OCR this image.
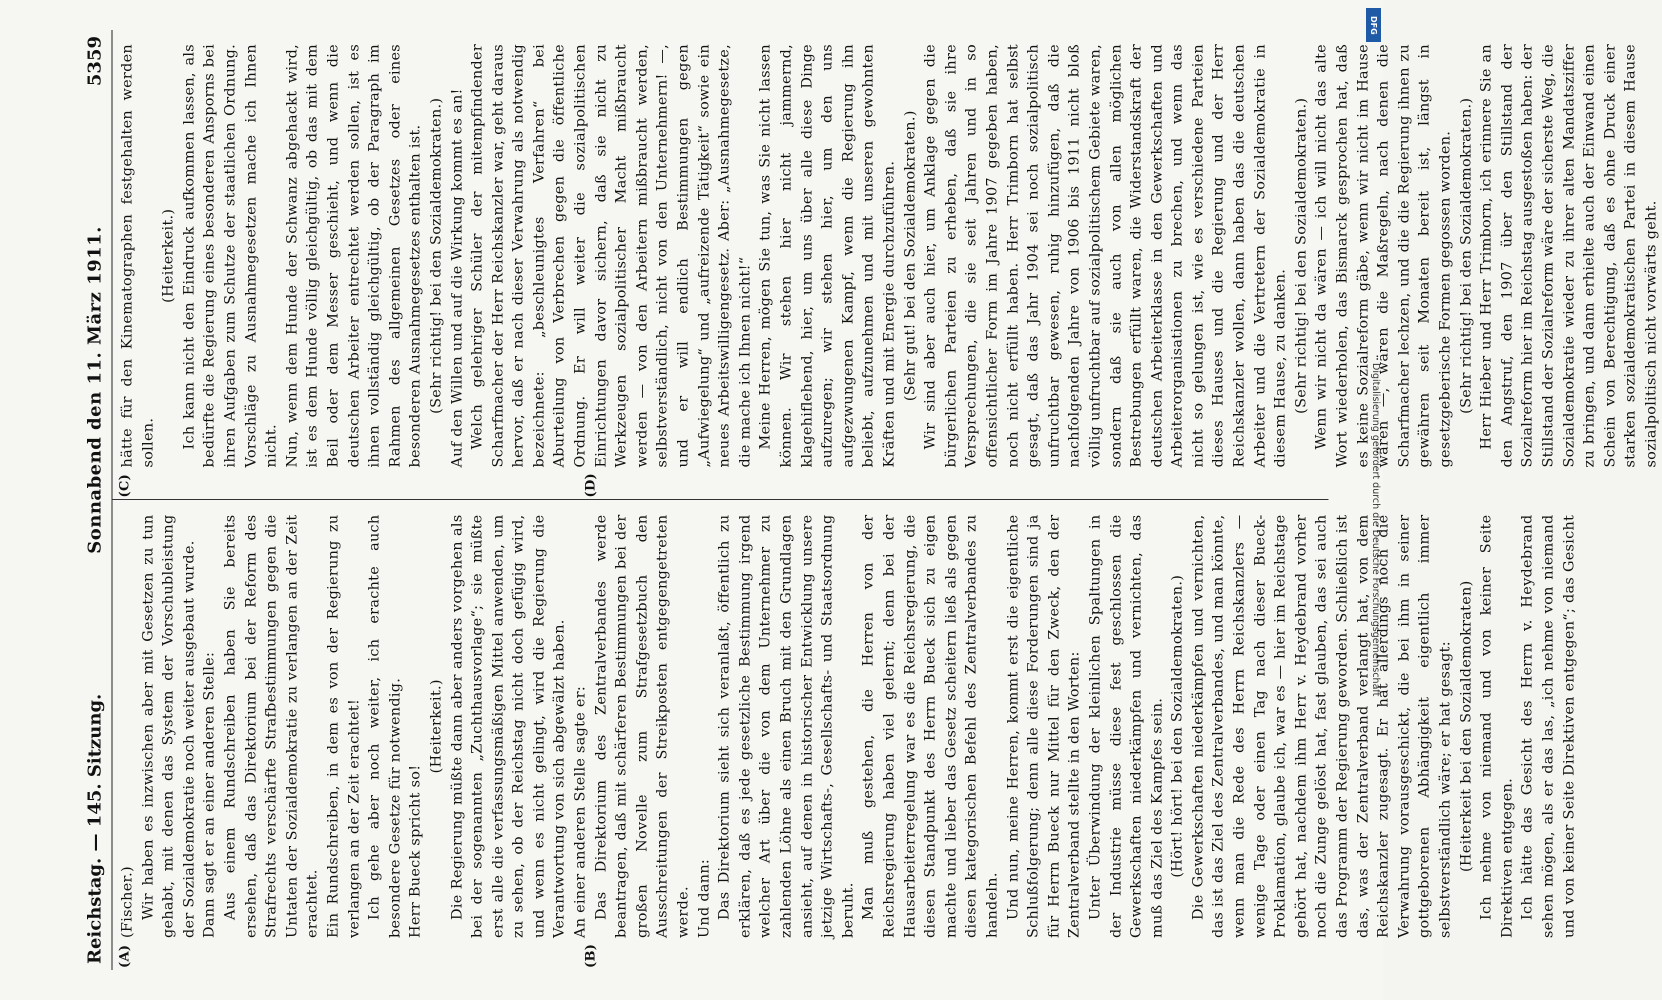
DFG
Digitalisierung gefördert durch die Deutsche Forschungsgemeinschaft
Reichstag. — 145. Sitzung.
Sonnabend den 11. März 1911.
5359
(A)	(B)

(Fischer.) Wir haben es inzwischen aber mit Gesetzen zu tun gehabt, mit denen das System der Vorschubleistung der Sozialdemokratie noch weiter ausgebaut wurde. Dann sagt er an einer anderen Stelle: Aus einem Rundschreiben haben Sie bereits ersehen, daß das Direktorium bei der Reform des Strafrechts verschärfte Strafbestimmungen gegen die Untaten der Sozialdemokratie zu verlangen an der Zeit erachtet. Ein Rundschreiben, in dem es von der Regierung zu verlangen an der Zeit erachtet! Ich gehe aber noch weiter, ich erachte auch besondere Gesetze für notwendig. Herr Bueck spricht so!

(Heiterkeit.) Die Regierung müßte dann aber anders vorgehen als bei der sogenannten „Zuchthausvorlage“; sie müßte erst alle die verfassungsmäßigen Mittel anwenden, um zu sehen, ob der Reichstag nicht doch gefügig wird, und wenn es nicht gelingt, wird die Regierung die Verantwortung von sich abgewälzt haben. An einer anderen Stelle sagte er: Das Direktorium des Zentralverbandes werde beantragen, daß mit schärferen Bestimmungen bei der großen Novelle zum Strafgesetzbuch den Ausschreitungen der Streikposten entgegengetreten werde. Und dann: Das Direktorium sieht sich veranlaßt, öffentlich zu erklären, daß es jede gesetzliche Bestimmung irgend welcher Art über die von dem Unternehmer zu zahlenden Löhne als einen Bruch mit den Grundlagen ansieht, auf denen in historischer Entwicklung unsere jetzige Wirtschafts-, Gesellschafts- und Staatsordnung beruht. Man muß gestehen, die Herren von der Reichsregierung haben viel gelernt; denn bei der Hausarbeiterregelung war es die Reichsregierung, die diesen Standpunkt des Herrn Bueck sich zu eigen machte und lieber das Gesetz scheitern ließ als gegen diesen kategorischen Befehl des Zentralverbandes zu handeln. Und nun, meine Herren, kommt erst die eigentliche Schlußfolgerung; denn alle diese Forderungen sind ja für Herrn Bueck nur Mittel für den Zweck, den der Zentralverband stellte in den Worten: Unter Überwindung der kleinlichen Spaltungen in der Industrie müsse diese fest geschlossen die Gewerkschaften niederkämpfen und vernichten, das muß das Ziel des Kampfes sein. (Hört! hört! bei den Sozialdemokraten.) Die Gewerkschaften niederkämpfen und vernichten, das ist das Ziel des Zentralverbandes, und man könnte, wenn man die Rede des Herrn Reichskanzlers — wenige Tage oder einen Tag nach dieser Bueck-Proklamation, glaube ich, war es — hier im Reichstage gehört hat, nachdem ihm Herr v. Heydebrand vorher noch die Zunge gelöst hat, fast glauben, das sei auch das Programm der Regierung geworden. Schließlich ist das, was der Zentralverband verlangt hat, von dem Reichskanzler zugesagt. Er hat allerdings noch die Verwahrung vorausgeschickt, die bei ihm in seiner gottgeborenen Abhängigkeit eigentlich immer selbstverständlich wäre; er hat gesagt: (Heiterkeit bei den Sozialdemokraten) Ich nehme von niemand und von keiner Seite Direktiven entgegen. Ich hätte das Gesicht des Herrn v. Heydebrand sehen mögen, als er das las, „ich nehme von niemand und von keiner Seite Direktiven entgegen“; das Gesicht

(C)	(D)

hätte für den Kinematographen festgehalten werden sollen.

(Heiterkeit.) Ich kann nicht den Eindruck aufkommen lassen, als bedürfte die Regierung eines besonderen Ansporns bei ihren Aufgaben zum Schutze der staatlichen Ordnung. Vorschläge zu Ausnahmegesetzen mache ich Ihnen nicht. Nun, wenn dem Hunde der Schwanz abgehackt wird, ist es dem Hunde völlig gleichgültig, ob das mit dem Beil oder dem Messer geschieht, und wenn die deutschen Arbeiter entrechtet werden sollen, ist es ihnen vollständig gleichgültig, ob der Paragraph im Rahmen des allgemeinen Gesetzes oder eines besonderen Ausnahmegesetzes enthalten ist. (Sehr richtig! bei den Sozialdemokraten.) Auf den Willen und auf die Wirkung kommt es an! Welch gelehriger Schüler der mitempfindender Scharfmacher der Herr Reichskanzler war, geht daraus hervor, daß er nach dieser Verwahrung als notwendig bezeichnete: „beschleunigtes Verfahren“ bei Aburteilung von Verbrechen gegen die öffentliche Ordnung. Er will weiter die sozialpolitischen Einrichtungen davor sichern, daß sie nicht zu Werkzeugen sozialpolitischer Macht mißbraucht werden — von den Arbeitern mißbraucht werden, selbstverständlich, nicht von den Unternehmern! —, und er will endlich Bestimmungen gegen „Aufwiegelung“ und „aufreizende Tätigkeit“ sowie ein neues Arbeitswilligengesetz. Aber: „Ausnahmegesetze, die mache ich Ihnen nicht!“ Meine Herren, mögen Sie tun, was Sie nicht lassen können. Wir stehen hier nicht jammernd, klagehiflehend, hier, um uns über alle diese Dinge aufzuregen; wir stehen hier, um den uns aufgezwungenen Kampf, wenn die Regierung ihn beliebt, aufzunehmen und mit unseren gewohnten Kräften und mit Energie durchzuführen. (Sehr gut! bei den Sozialdemokraten.) Wir sind aber auch hier, um Anklage gegen die bürgerlichen Parteien zu erheben, daß sie ihre Versprechungen, die sie seit Jahren und in so offensichtlicher Form im Jahre 1907 gegeben haben, noch nicht erfüllt haben. Herr Trimborn hat selbst gesagt, daß das Jahr 1904 sei noch sozialpolitisch unfruchtbar gewesen, ruhig hinzufügen, daß die nachfolgenden Jahre von 1906 bis 1911 nicht bloß völlig unfruchtbar auf sozialpolitischem Gebiete waren, sondern daß sie auch von allen möglichen Bestrebungen erfüllt waren, die Widerstandskraft der deutschen Arbeiterklasse in den Gewerkschaften und Arbeiterorganisationen zu brechen, und wenn das nicht so gelungen ist, wie es verschiedene Parteien dieses Hauses und die Regierung und der Herr Reichskanzler wollen, dann haben das die deutschen Arbeiter und die Vertretern der Sozialdemokratie in diesem Hause, zu danken. (Sehr richtig! bei den Sozialdemokraten.) Wenn wir nicht da wären — ich will nicht das alte Wort wiederholen, das Bismarck gesprochen hat, daß es keine Sozialreform gäbe, wenn wir nicht im Hause wären —, wären die Maßregeln, nach denen die Scharfmacher lechzen, und die die Regierung ihnen zu gewähren seit Monaten bereit ist, längst in gesetzgeberische Formen gegossen worden. (Sehr richtig! bei den Sozialdemokraten.) Herr Hieber und Herr Trimborn, ich erinnere Sie an den Angstruf, den 1907 über den Stillstand der Sozialreform hier im Reichstag ausgestoßen haben: der Stillstand der Sozialreform wäre der sicherste Weg, die Sozialdemokratie wieder zu ihrer alten Mandatsziffer zu bringen, und dann erhielte auch der Einwand einen Schein von Berechtigung, daß es ohne Druck einer starken sozialdemokratischen Partei in diesem Hause sozialpolitisch nicht vorwärts geht.
